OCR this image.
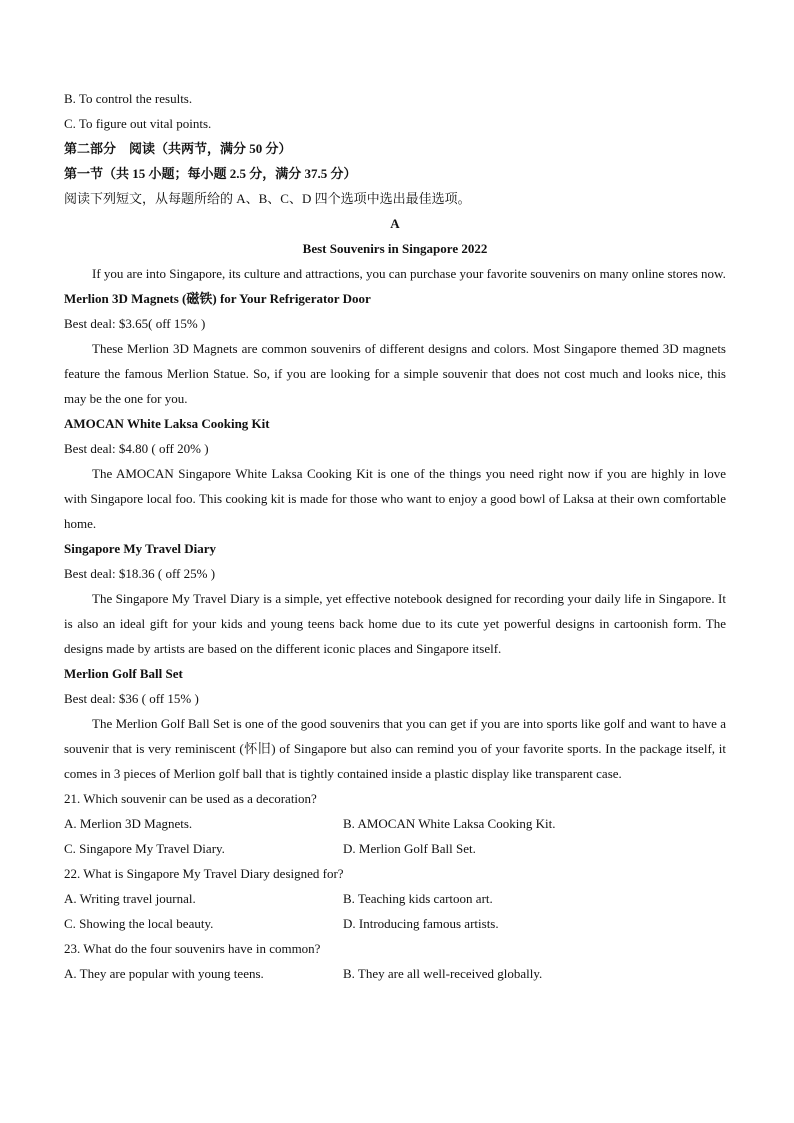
B. To control the results.
C. To figure out vital points.
第二部分　阅读（共两节，满分 50 分）
第一节（共 15 小题；每小题 2.5 分，满分 37.5 分）
阅读下列短文，从每题所给的 A、B、C、D 四个选项中选出最佳选项。
A
Best Souvenirs in Singapore 2022
If you are into Singapore, its culture and attractions, you can purchase your favorite souvenirs on many online stores now.
Merlion 3D Magnets (磁铁) for Your Refrigerator Door
Best deal: $3.65( off 15% )
These Merlion 3D Magnets are common souvenirs of different designs and colors. Most Singapore themed 3D magnets feature the famous Merlion Statue. So, if you are looking for a simple souvenir that does not cost much and looks nice, this may be the one for you.
AMOCAN White Laksa Cooking Kit
Best deal: $4.80 ( off 20% )
The AMOCAN Singapore White Laksa Cooking Kit is one of the things you need right now if you are highly in love with Singapore local foo. This cooking kit is made for those who want to enjoy a good bowl of Laksa at their own comfortable home.
Singapore My Travel Diary
Best deal: $18.36 ( off 25% )
The Singapore My Travel Diary is a simple, yet effective notebook designed for recording your daily life in Singapore. It is also an ideal gift for your kids and young teens back home due to its cute yet powerful designs in cartoonish form. The designs made by artists are based on the different iconic places and Singapore itself.
Merlion Golf Ball Set
Best deal: $36 ( off 15% )
The Merlion Golf Ball Set is one of the good souvenirs that you can get if you are into sports like golf and want to have a souvenir that is very reminiscent (怀旧) of Singapore but also can remind you of your favorite sports. In the package itself, it comes in 3 pieces of Merlion golf ball that is tightly contained inside a plastic display like transparent case.
21. Which souvenir can be used as a decoration?
A. Merlion 3D Magnets.	B. AMOCAN White Laksa Cooking Kit.
C. Singapore My Travel Diary.	D. Merlion Golf Ball Set.
22. What is Singapore My Travel Diary designed for?
A. Writing travel journal.	B. Teaching kids cartoon art.
C. Showing the local beauty.	D. Introducing famous artists.
23. What do the four souvenirs have in common?
A. They are popular with young teens.	B. They are all well-received globally.
